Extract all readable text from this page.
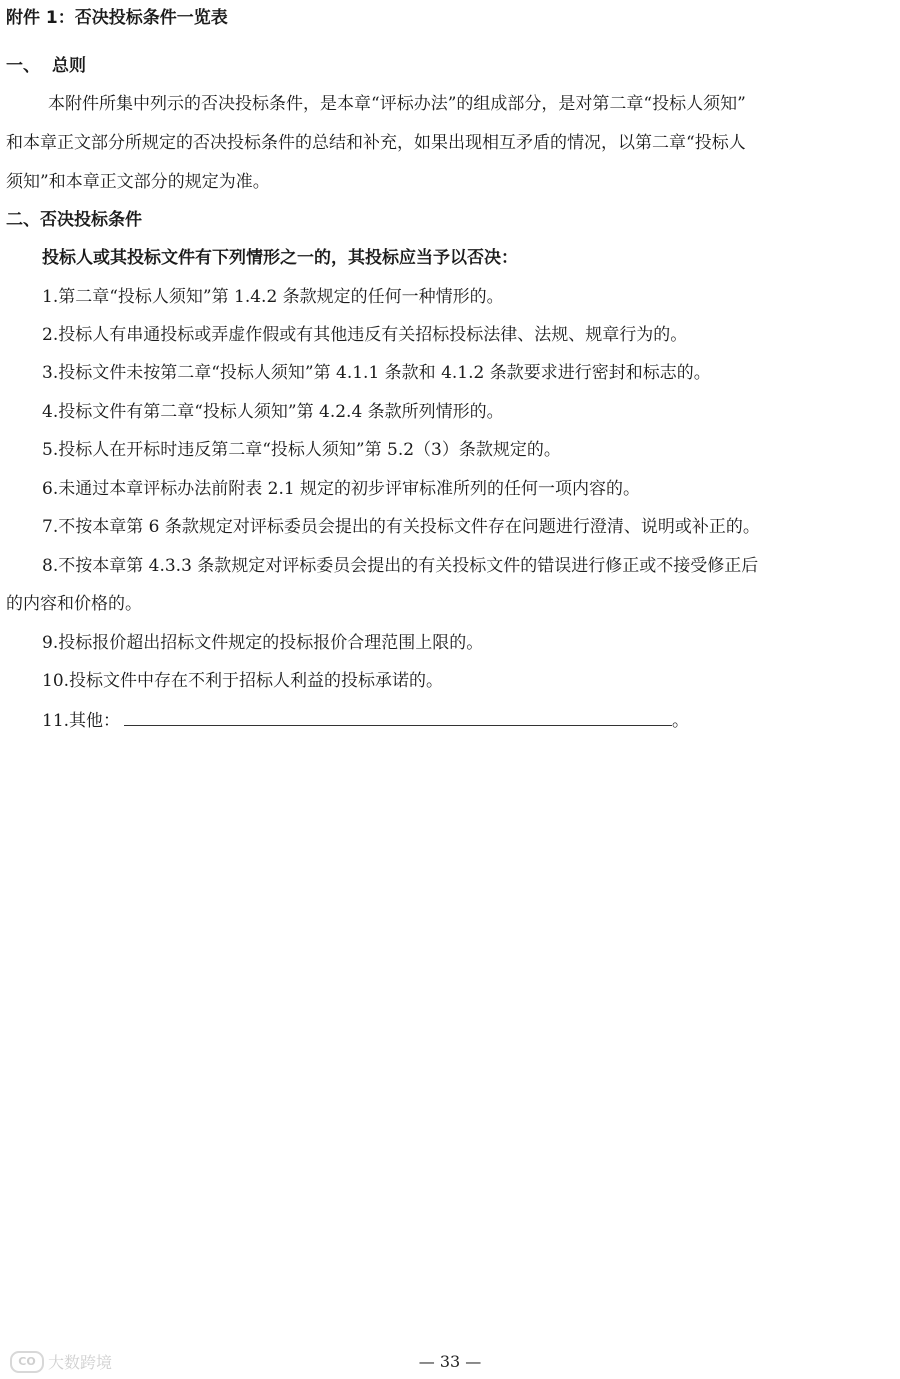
附件 1：否决投标条件一览表
一、 总则
本附件所集中列示的否决投标条件，是本章“评标办法”的组成部分，是对第二章“投标人须知”
和本章正文部分所规定的否决投标条件的总结和补充，如果出现相互矛盾的情况，以第二章“投标人
须知”和本章正文部分的规定为准。
二、否决投标条件
投标人或其投标文件有下列情形之一的，其投标应当予以否决：
1.第二章“投标人须知”第 1.4.2 条款规定的任何一种情形的。
2.投标人有串通投标或弄虚作假或有其他违反有关招标投标法律、法规、规章行为的。
3.投标文件未按第二章“投标人须知”第 4.1.1 条款和 4.1.2 条款要求进行密封和标志的。
4.投标文件有第二章“投标人须知”第 4.2.4 条款所列情形的。
5.投标人在开标时违反第二章“投标人须知”第 5.2（3）条款规定的。
6.未通过本章评标办法前附表 2.1 规定的初步评审标准所列的任何一项内容的。
7.不按本章第 6 条款规定对评标委员会提出的有关投标文件存在问题进行澄清、说明或补正的。
8.不按本章第 4.3.3 条款规定对评标委员会提出的有关投标文件的错误进行修正或不接受修正后
的内容和价格的。
9.投标报价超出招标文件规定的投标报价合理范围上限的。
10.投标文件中存在不利于招标人利益的投标承诺的。
11.其他：	。
— 33 —
CO 大数跨境
